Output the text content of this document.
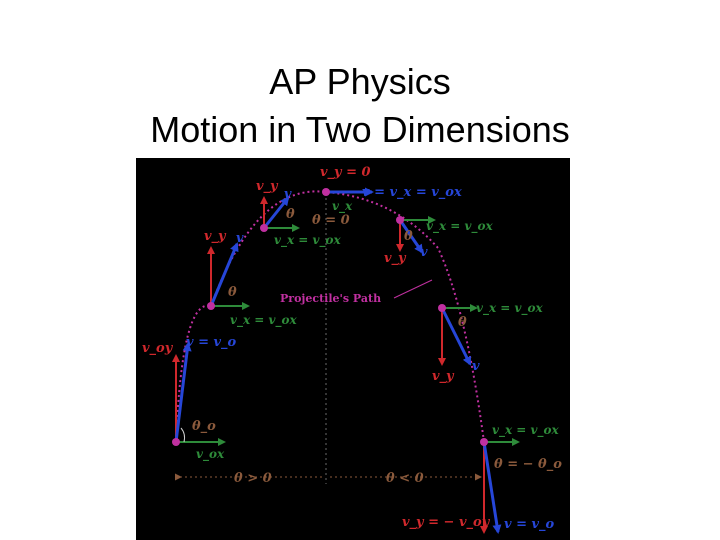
AP Physics
Motion in Two Dimensions
v_y = 0
v = v_x = v_ox
v_x
θ = 0
v_y
v
θ
v_x = v_ox
v_y v
θ
v_x = v_ox
Projectile's Path
v_oy v = v_o
θ_o
v_ox
v_x = v_ox
θ
v_y v
v_x = v_ox
θ
v_y
v
v_x = v_ox
θ = − θ_o
v_y = − v_oy v = v_o
θ > 0	θ < 0
